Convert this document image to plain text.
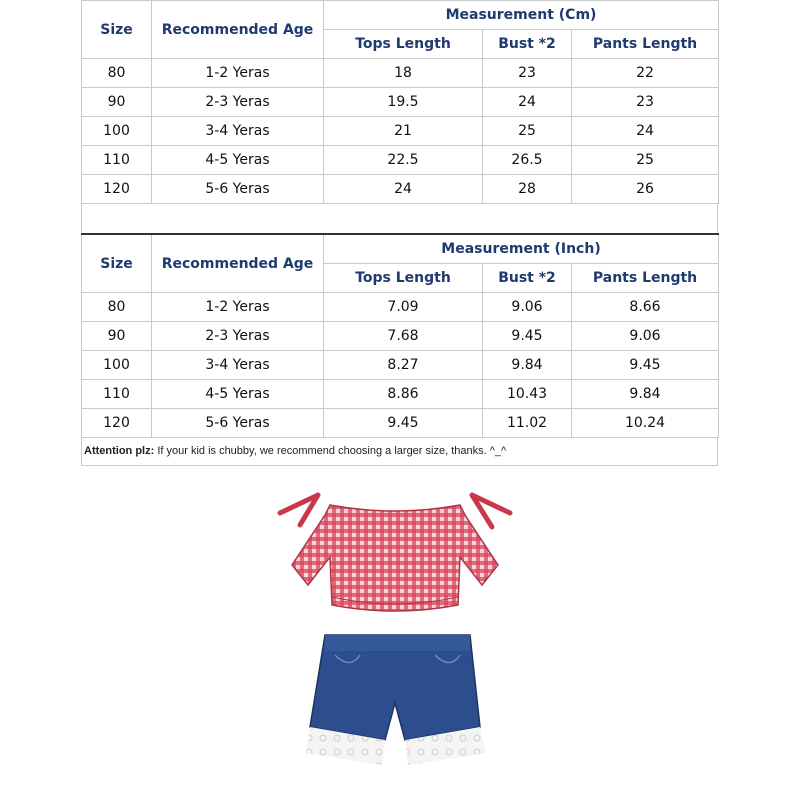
Size	Recommended Age	Measurement (Cm)		
		Tops Length	Bust *2	Pants Length
80	1-2 Yeras	18	23	22
90	2-3 Yeras	19.5	24	23
100	3-4 Yeras	21	25	24
110	4-5 Yeras	22.5	26.5	25
120	5-6 Yeras	24	28	26
Size	Recommended Age	Measurement (Inch)		
		Tops Length	Bust *2	Pants Length
80	1-2 Yeras	7.09	9.06	8.66
90	2-3 Yeras	7.68	9.45	9.06
100	3-4 Yeras	8.27	9.84	9.45
110	4-5 Yeras	8.86	10.43	9.84
120	5-6 Yeras	9.45	11.02	10.24
Attention plz: If your kid is chubby, we recommend choosing a larger size, thanks. ^_^
